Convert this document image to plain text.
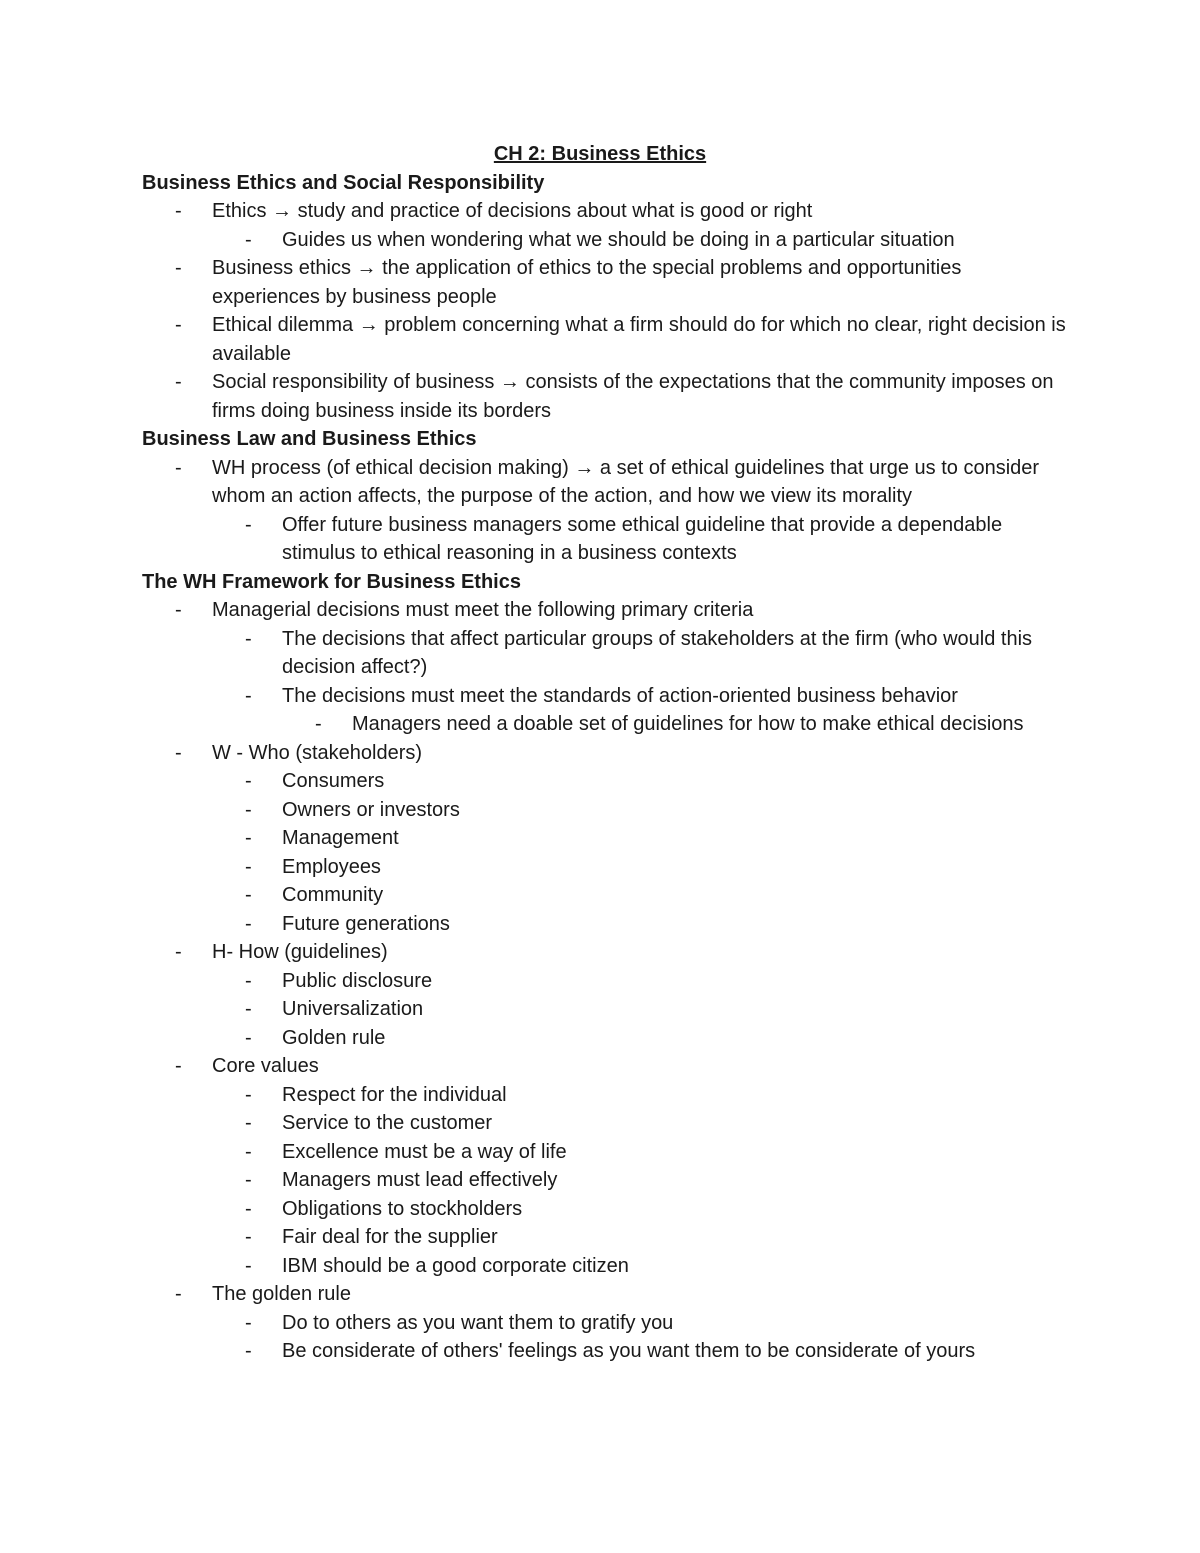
CH 2: Business Ethics
Business Ethics and Social Responsibility
- Ethics → study and practice of decisions about what is good or right
- Guides us when wondering what we should be doing in a particular situation
- Business ethics → the application of ethics to the special problems and opportunities experiences by business people
- Ethical dilemma → problem concerning what a firm should do for which no clear, right decision is available
- Social responsibility of business → consists of the expectations that the community imposes on firms doing business inside its borders
Business Law and Business Ethics
- WH process (of ethical decision making) → a set of ethical guidelines that urge us to consider whom an action affects, the purpose of the action, and how we view its morality
- Offer future business managers some ethical guideline that provide a dependable stimulus to ethical reasoning in a business contexts
The WH Framework for Business Ethics
- Managerial decisions must meet the following primary criteria
- The decisions that affect particular groups of stakeholders at the firm (who would this decision affect?)
- The decisions must meet the standards of action-oriented business behavior
- Managers need a doable set of guidelines for how to make ethical decisions
- W - Who (stakeholders)
- Consumers
- Owners or investors
- Management
- Employees
- Community
- Future generations
- H- How (guidelines)
- Public disclosure
- Universalization
- Golden rule
- Core values
- Respect for the individual
- Service to the customer
- Excellence must be a way of life
- Managers must lead effectively
- Obligations to stockholders
- Fair deal for the supplier
- IBM should be a good corporate citizen
- The golden rule
- Do to others as you want them to gratify you
- Be considerate of others' feelings as you want them to be considerate of yours
